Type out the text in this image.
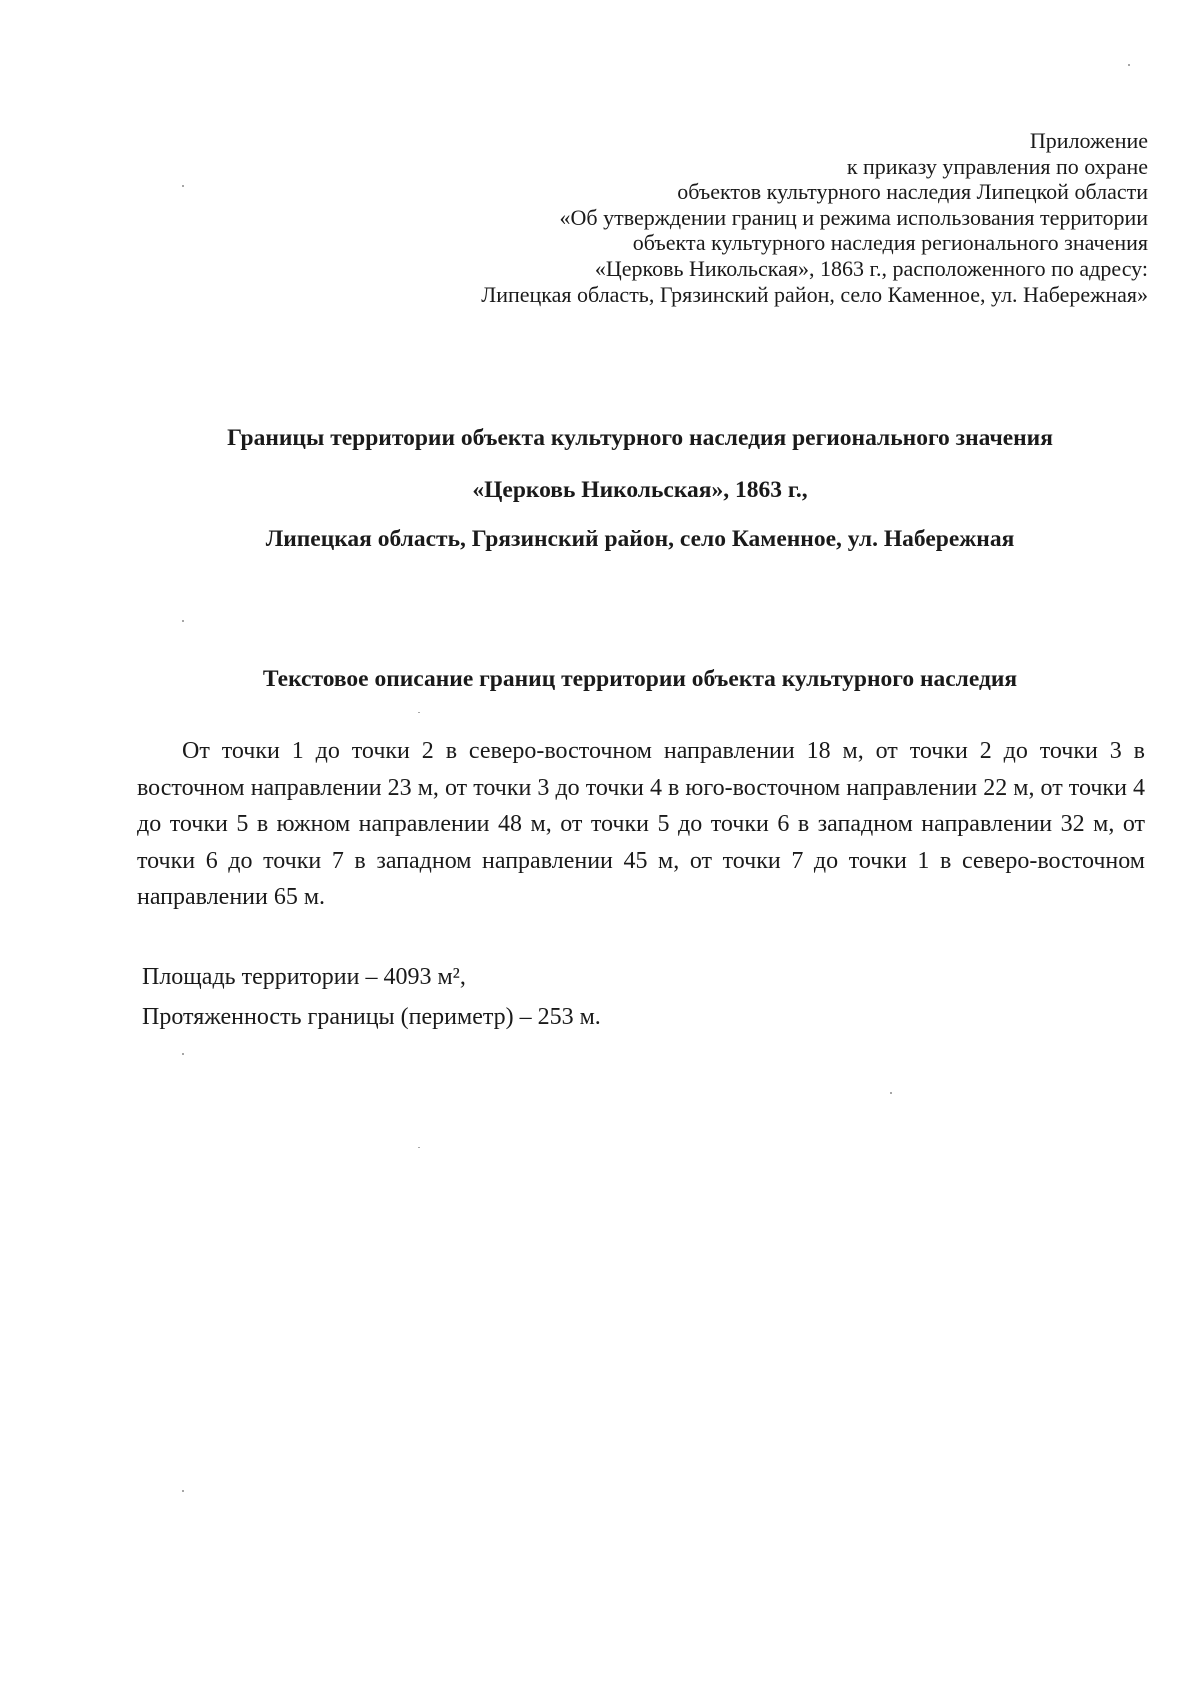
Приложение
к приказу управления по охране
объектов культурного наследия Липецкой области
«Об утверждении границ и режима использования территории
объекта культурного наследия регионального значения
«Церковь Никольская», 1863 г., расположенного по адресу:
Липецкая область, Грязинский район, село Каменное, ул. Набережная»
Границы территории объекта культурного наследия регионального значения
«Церковь Никольская», 1863 г.,
Липецкая область, Грязинский район, село Каменное, ул. Набережная
Текстовое описание границ территории объекта культурного наследия

От точки 1 до точки 2 в северо-восточном направлении 18 м, от точки 2 до точки 3 в восточном направлении 23 м, от точки 3 до точки 4 в юго-восточном направлении 22 м, от точки 4 до точки 5 в южном направлении 48 м, от точки 5 до точки 6 в западном направлении 32 м, от точки 6 до точки 7 в западном направлении 45 м, от точки 7 до точки 1 в северо-восточном направлении 65 м.

Площадь территории – 4093 м²,
Протяженность границы (периметр) – 253 м.
